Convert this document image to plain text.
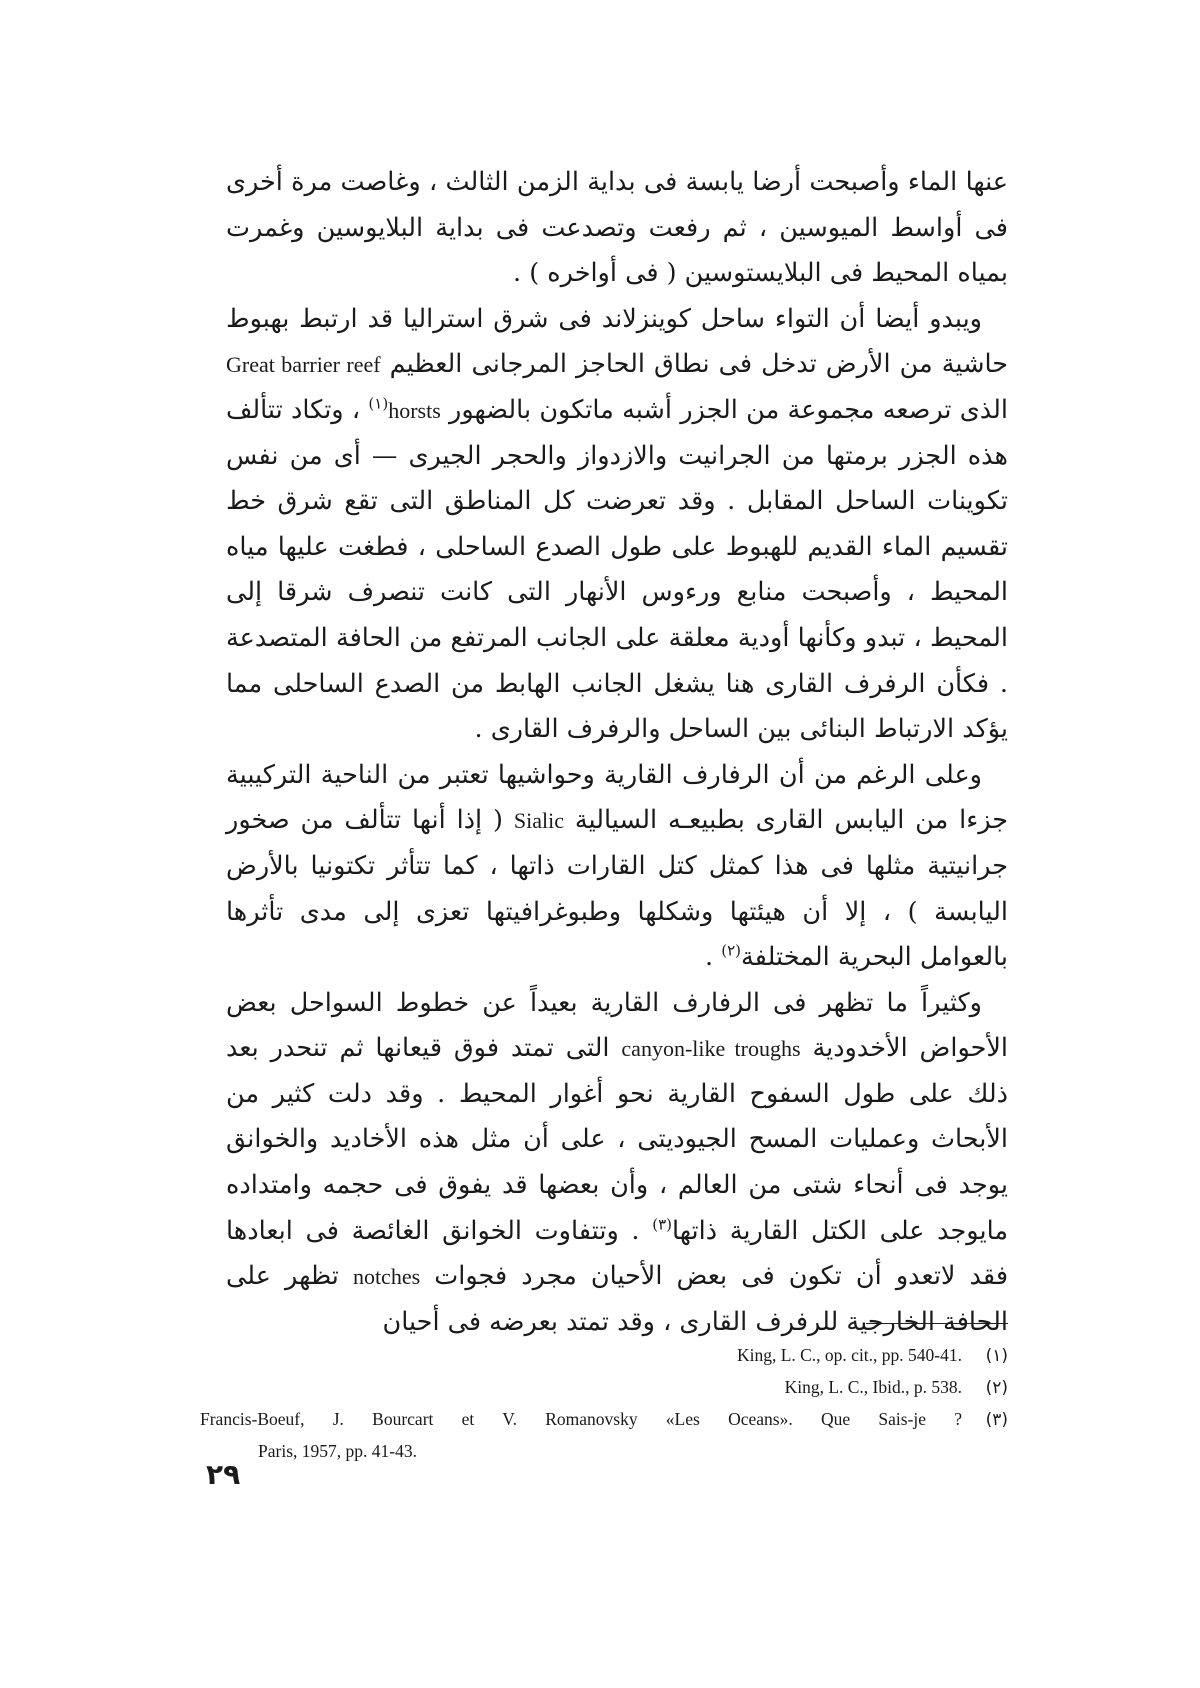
عنها الماء وأصبحت أرضا يابسة فى بداية الزمن الثالث ، وغاصت مرة أخرى فى أواسط الميوسين ، ثم رفعت وتصدعت فى بداية البلايوسين وغمرت بمياه المحيط فى البلايستوسين ( فى أواخره ) .

ويبدو أيضا أن التواء ساحل كوينزلاند فى شرق استراليا قد ارتبط بهبوط حاشية من الأرض تدخل فى نطاق الحاجز المرجانى العظيم Great barrier reef الذى ترصعه مجموعة من الجزر أشبه ماتكون بالضهور horsts$^{(١)}$ ، وتكاد تتألف هذه الجزر برمتها من الجرانيت والازدواز والحجر الجيرى — أى من نفس تكوينات الساحل المقابل . وقد تعرضت كل المناطق التى تقع شرق خط تقسيم الماء القديم للهبوط على طول الصدع الساحلى ، فطغت عليها مياه المحيط ، وأصبحت منابع ورءوس الأنهار التى كانت تنصرف شرقا إلى المحيط ، تبدو وكأنها أودية معلقة على الجانب المرتفع من الحافة المتصدعة . فكأن الرفرف القارى هنا يشغل الجانب الهابط من الصدع الساحلى مما يؤكد الارتباط البنائى بين الساحل والرفرف القارى .

وعلى الرغم من أن الرفارف القارية وحواشيها تعتبر من الناحية التركيبية جزءا من اليابس القارى بطبيعـه السيالية Sialic ( إذا أنها تتألف من صخور جرانيتية مثلها فى هذا كمثل كتل القارات ذاتها ، كما تتأثر تكتونيا بالأرض اليابسة ) ، إلا أن هيئتها وشكلها وطبوغرافيتها تعزى إلى مدى تأثرها بالعوامل البحرية المختلفة$^{(٢)}$ .

وكثيراً ما تظهر فى الرفارف القارية بعيداً عن خطوط السواحل بعض الأحواض الأخدودية canyon-like troughs التى تمتد فوق قيعانها ثم تنحدر بعد ذلك على طول السفوح القارية نحو أغوار المحيط . وقد دلت كثير من الأبحاث وعمليات المسح الجيوديتى ، على أن مثل هذه الأخاديد والخوانق يوجد فى أنحاء شتى من العالم ، وأن بعضها قد يفوق فى حجمه وامتداده مايوجد على الكتل القارية ذاتها$^{(٣)}$ . وتتفاوت الخوانق الغائصة فى ابعادها فقد لاتعدو أن تكون فى بعض الأحيان مجرد فجوات notches تظهر على الحافة الخارجية للرفرف القارى ، وقد تمتد بعرضه فى أحيان

King, L. C., op. cit., pp. 540-41.	(١)
King, L. C., Ibid., p. 538.	(٢)
Francis-Boeuf, J. Bourcart et V. Romanovsky «Les Oceans». Que Sais-je ?	(٣)
Paris, 1957, pp. 41-43.
٢٩
